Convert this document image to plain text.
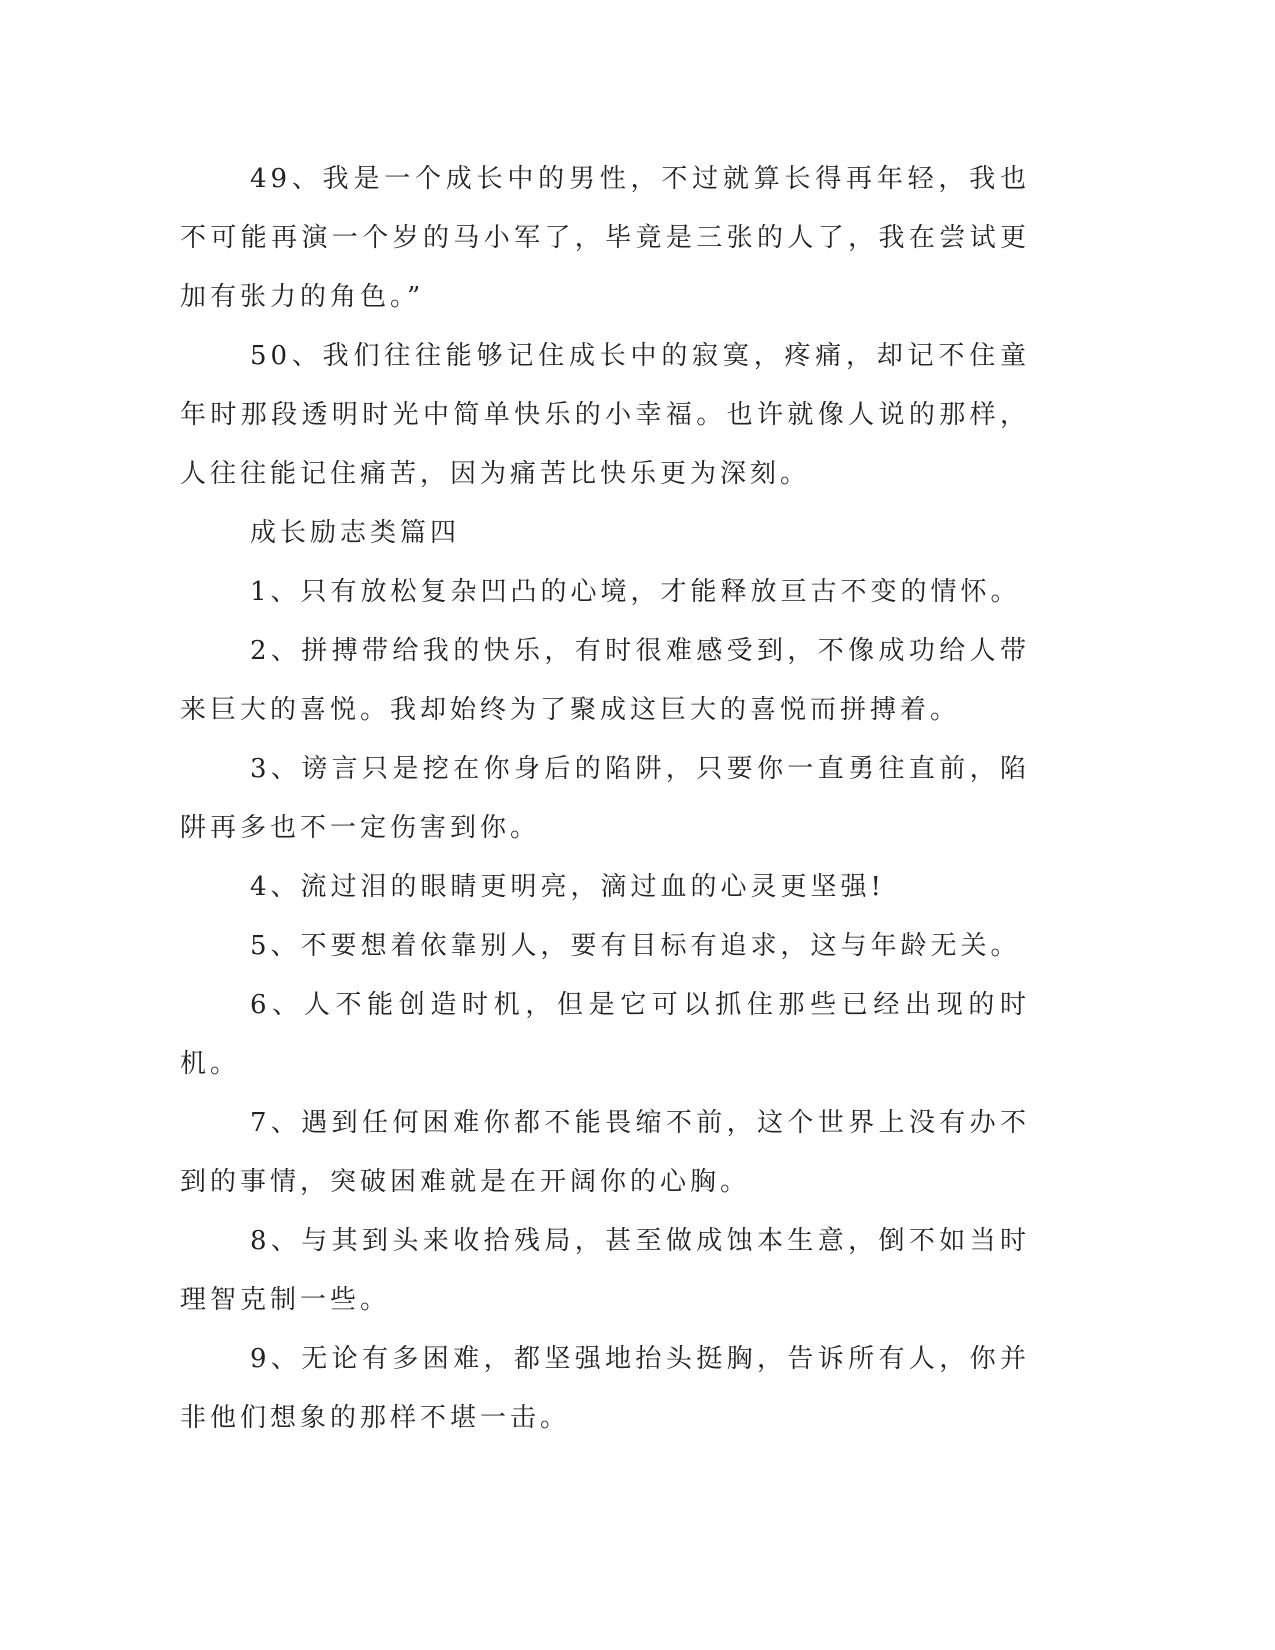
49、我是一个成长中的男性，不过就算长得再年轻，我也不可能再演一个岁的马小军了，毕竟是三张的人了，我在尝试更加有张力的角色。”

50、我们往往能够记住成长中的寂寞，疼痛，却记不住童年时那段透明时光中简单快乐的小幸福。也许就像人说的那样，人往往能记住痛苦，因为痛苦比快乐更为深刻。

成长励志类篇四

1、只有放松复杂凹凸的心境，才能释放亘古不变的情怀。

2、拼搏带给我的快乐，有时很难感受到，不像成功给人带来巨大的喜悦。我却始终为了聚成这巨大的喜悦而拼搏着。

3、谤言只是挖在你身后的陷阱，只要你一直勇往直前，陷阱再多也不一定伤害到你。

4、流过泪的眼睛更明亮，滴过血的心灵更坚强!

5、不要想着依靠别人，要有目标有追求，这与年龄无关。

6、人不能创造时机，但是它可以抓住那些已经出现的时机。

7、遇到任何困难你都不能畏缩不前，这个世界上没有办不到的事情，突破困难就是在开阔你的心胸。

8、与其到头来收拾残局，甚至做成蚀本生意，倒不如当时理智克制一些。

9、无论有多困难，都坚强地抬头挺胸，告诉所有人，你并非他们想象的那样不堪一击。
